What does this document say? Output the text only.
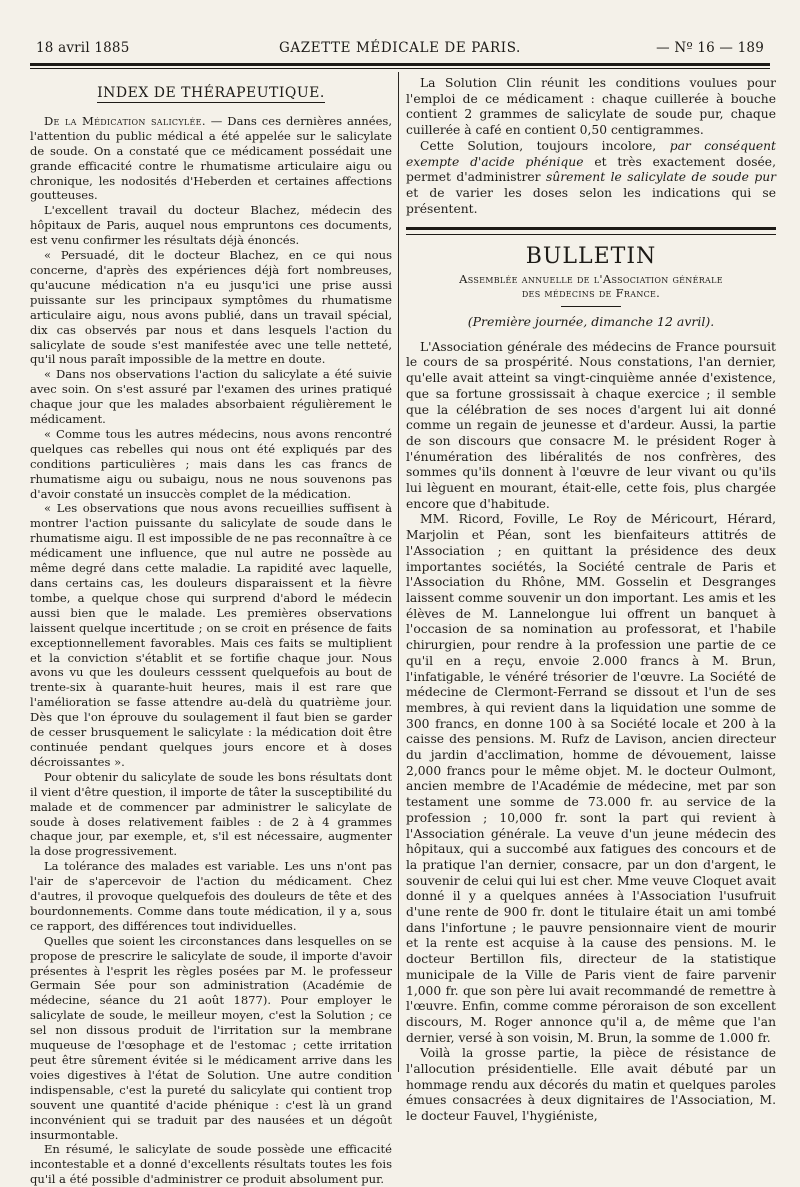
18 avril 1885	GAZETTE MÉDICALE DE PARIS.	— Nº 16 — 189
INDEX DE THÉRAPEUTIQUE.

De la Médication salicylée. — Dans ces dernières années, l'attention du public médical a été appelée sur le salicylate de soude. On a constaté que ce médicament possédait une grande efficacité contre le rhumatisme articulaire aigu ou chronique, les nodosités d'Heberden et certaines affections goutteuses.

L'excellent travail du docteur Blachez, médecin des hôpitaux de Paris, auquel nous empruntons ces documents, est venu confirmer les résultats déjà énoncés.

« Persuadé, dit le docteur Blachez, en ce qui nous concerne, d'après des expériences déjà fort nombreuses, qu'aucune médication n'a eu jusqu'ici une prise aussi puissante sur les principaux symptômes du rhumatisme articulaire aigu, nous avons publié, dans un travail spécial, dix cas observés par nous et dans lesquels l'action du salicylate de soude s'est manifestée avec une telle netteté, qu'il nous paraît impossible de la mettre en doute.

« Dans nos observations l'action du salicylate a été suivie avec soin. On s'est assuré par l'examen des urines pratiqué chaque jour que les malades absorbaient régulièrement le médicament.

« Comme tous les autres médecins, nous avons rencontré quelques cas rebelles qui nous ont été expliqués par des conditions particulières ; mais dans les cas francs de rhumatisme aigu ou subaigu, nous ne nous souvenons pas d'avoir constaté un insuccès complet de la médication.

« Les observations que nous avons recueillies suffisent à montrer l'action puissante du salicylate de soude dans le rhumatisme aigu. Il est impossible de ne pas reconnaître à ce médicament une influence, que nul autre ne possède au même degré dans cette maladie. La rapidité avec laquelle, dans certains cas, les douleurs disparaissent et la fièvre tombe, a quelque chose qui surprend d'abord le médecin aussi bien que le malade. Les premières observations laissent quelque incertitude ; on se croit en présence de faits exceptionnellement favorables. Mais ces faits se multiplient et la conviction s'établit et se fortifie chaque jour. Nous avons vu que les douleurs cesssent quelquefois au bout de trente-six à quarante-huit heures, mais il est rare que l'amélioration se fasse attendre au-delà du quatrième jour. Dès que l'on éprouve du soulagement il faut bien se garder de cesser brusquement le salicylate : la médication doit être continuée pendant quelques jours encore et à doses décroissantes ».

Pour obtenir du salicylate de soude les bons résultats dont il vient d'être question, il importe de tâter la susceptibilité du malade et de commencer par administrer le salicylate de soude à doses relativement faibles : de 2 à 4 grammes chaque jour, par exemple, et, s'il est nécessaire, augmenter la dose progressivement.

La tolérance des malades est variable. Les uns n'ont pas l'air de s'apercevoir de l'action du médicament. Chez d'autres, il provoque quelquefois des douleurs de tête et des bourdonnements. Comme dans toute médication, il y a, sous ce rapport, des différences tout individuelles.

Quelles que soient les circonstances dans lesquelles on se propose de prescrire le salicylate de soude, il importe d'avoir présentes à l'esprit les règles posées par M. le professeur Germain Sée pour son administration (Académie de médecine, séance du 21 août 1877). Pour employer le salicylate de soude, le meilleur moyen, c'est la Solution ; ce sel non dissous produit de l'irritation sur la membrane muqueuse de l'œsophage et de l'estomac ; cette irritation peut être sûrement évitée si le médicament arrive dans les voies digestives à l'état de Solution. Une autre condition indispensable, c'est la pureté du salicylate qui contient trop souvent une quantité d'acide phénique : c'est là un grand inconvénient qui se traduit par des nausées et un dégoût insurmontable.

En résumé, le salicylate de soude possède une efficacité incontestable et a donné d'excellents résultats toutes les fois qu'il a été possible d'administrer ce produit absolument pur.

La Solution Clin réunit les conditions voulues pour l'emploi de ce médicament : chaque cuillerée à bouche contient 2 grammes de salicylate de soude pur, chaque cuillerée à café en contient 0,50 centigrammes.

Cette Solution, toujours incolore, par conséquent exempte d'acide phénique et très exactement dosée, permet d'administrer sûrement le salicylate de soude pur et de varier les doses selon les indications qui se présentent.

BULLETIN
Assemblée annuelle de l'Association générale
des médecins de France.
(Première journée, dimanche 12 avril).

L'Association générale des médecins de France poursuit le cours de sa prospérité. Nous constations, l'an dernier, qu'elle avait atteint sa vingt-cinquième année d'existence, que sa fortune grossissait à chaque exercice ; il semble que la célébration de ses noces d'argent lui ait donné comme un regain de jeunesse et d'ardeur. Aussi, la partie de son discours que consacre M. le président Roger à l'énumération des libéralités de nos confrères, des sommes qu'ils donnent à l'œuvre de leur vivant ou qu'ils lui lèguent en mourant, était-elle, cette fois, plus chargée encore que d'habitude.

MM. Ricord, Foville, Le Roy de Méricourt, Hérard, Marjolin et Péan, sont les bienfaiteurs attitrés de l'Association ; en quittant la présidence des deux importantes sociétés, la Société centrale de Paris et l'Association du Rhône, MM. Gosselin et Desgranges laissent comme souvenir un don important. Les amis et les élèves de M. Lannelongue lui offrent un banquet à l'occasion de sa nomination au professorat, et l'habile chirurgien, pour rendre à la profession une partie de ce qu'il en a reçu, envoie 2.000 francs à M. Brun, l'infatigable, le vénéré trésorier de l'œuvre. La Société de médecine de Clermont-Ferrand se dissout et l'un de ses membres, à qui revient dans la liquidation une somme de 300 francs, en donne 100 à sa Société locale et 200 à la caisse des pensions. M. Rufz de Lavison, ancien directeur du jardin d'acclimation, homme de dévouement, laisse 2,000 francs pour le même objet. M. le docteur Oulmont, ancien membre de l'Académie de médecine, met par son testament une somme de 73.000 fr. au service de la profession ; 10,000 fr. sont la part qui revient à l'Association générale. La veuve d'un jeune médecin des hôpitaux, qui a succombé aux fatigues des concours et de la pratique l'an dernier, consacre, par un don d'argent, le souvenir de celui qui lui est cher. Mme veuve Cloquet avait donné il y a quelques années à l'Association l'usufruit d'une rente de 900 fr. dont le titulaire était un ami tombé dans l'infortune ; le pauvre pensionnaire vient de mourir et la rente est acquise à la cause des pensions. M. le docteur Bertillon fils, directeur de la statistique municipale de la Ville de Paris vient de faire parvenir 1,000 fr. que son père lui avait recommandé de remettre à l'œuvre. Enfin, comme comme péroraison de son excellent discours, M. Roger annonce qu'il a, de même que l'an dernier, versé à son voisin, M. Brun, la somme de 1.000 fr.

Voilà la grosse partie, la pièce de résistance de l'allocution présidentielle. Elle avait débuté par un hommage rendu aux décorés du matin et quelques paroles émues consacrées à deux dignitaires de l'Association, M. le docteur Fauvel, l'hygiéniste,
